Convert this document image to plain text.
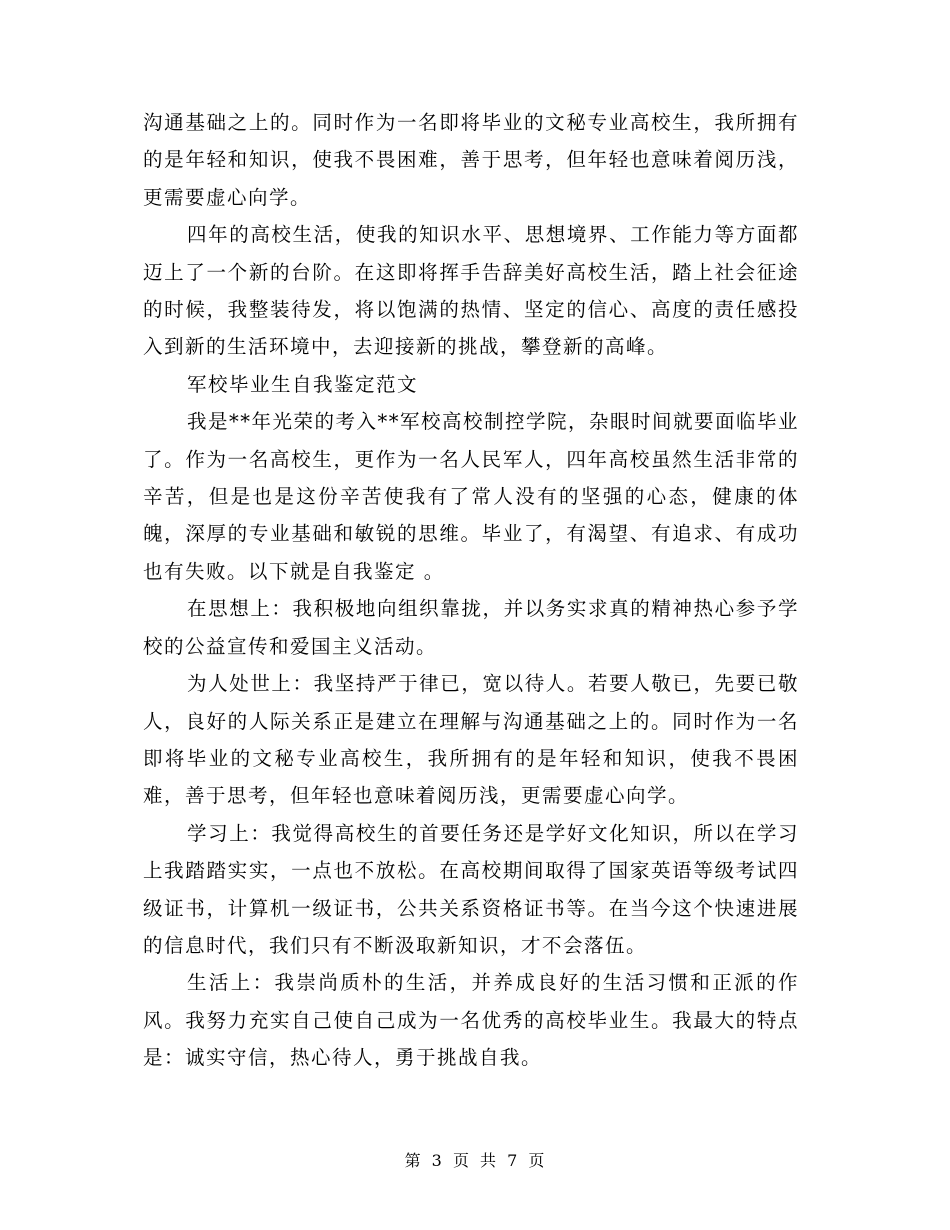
沟通基础之上的。同时作为一名即将毕业的文秘专业高校生，我所拥有的是年轻和知识，使我不畏困难，善于思考，但年轻也意味着阅历浅，更需要虚心向学。

四年的高校生活，使我的知识水平、思想境界、工作能力等方面都迈上了一个新的台阶。在这即将挥手告辞美好高校生活，踏上社会征途的时候，我整装待发，将以饱满的热情、坚定的信心、高度的责任感投入到新的生活环境中，去迎接新的挑战，攀登新的高峰。

军校毕业生自我鉴定范文

我是**年光荣的考入**军校高校制控学院，杂眼时间就要面临毕业了。作为一名高校生，更作为一名人民军人，四年高校虽然生活非常的辛苦，但是也是这份辛苦使我有了常人没有的坚强的心态，健康的体魄，深厚的专业基础和敏锐的思维。毕业了，有渴望、有追求、有成功也有失败。以下就是自我鉴定 。

在思想上：我积极地向组织靠拢，并以务实求真的精神热心参予学校的公益宣传和爱国主义活动。

为人处世上：我坚持严于律已，宽以待人。若要人敬已，先要已敬人，良好的人际关系正是建立在理解与沟通基础之上的。同时作为一名即将毕业的文秘专业高校生，我所拥有的是年轻和知识，使我不畏困难，善于思考，但年轻也意味着阅历浅，更需要虚心向学。

学习上：我觉得高校生的首要任务还是学好文化知识，所以在学习上我踏踏实实，一点也不放松。在高校期间取得了国家英语等级考试四级证书，计算机一级证书，公共关系资格证书等。在当今这个快速进展的信息时代，我们只有不断汲取新知识，才不会落伍。

生活上：我崇尚质朴的生活，并养成良好的生活习惯和正派的作风。我努力充实自己使自己成为一名优秀的高校毕业生。我最大的特点是：诚实守信，热心待人，勇于挑战自我。

第 3 页 共 7 页
